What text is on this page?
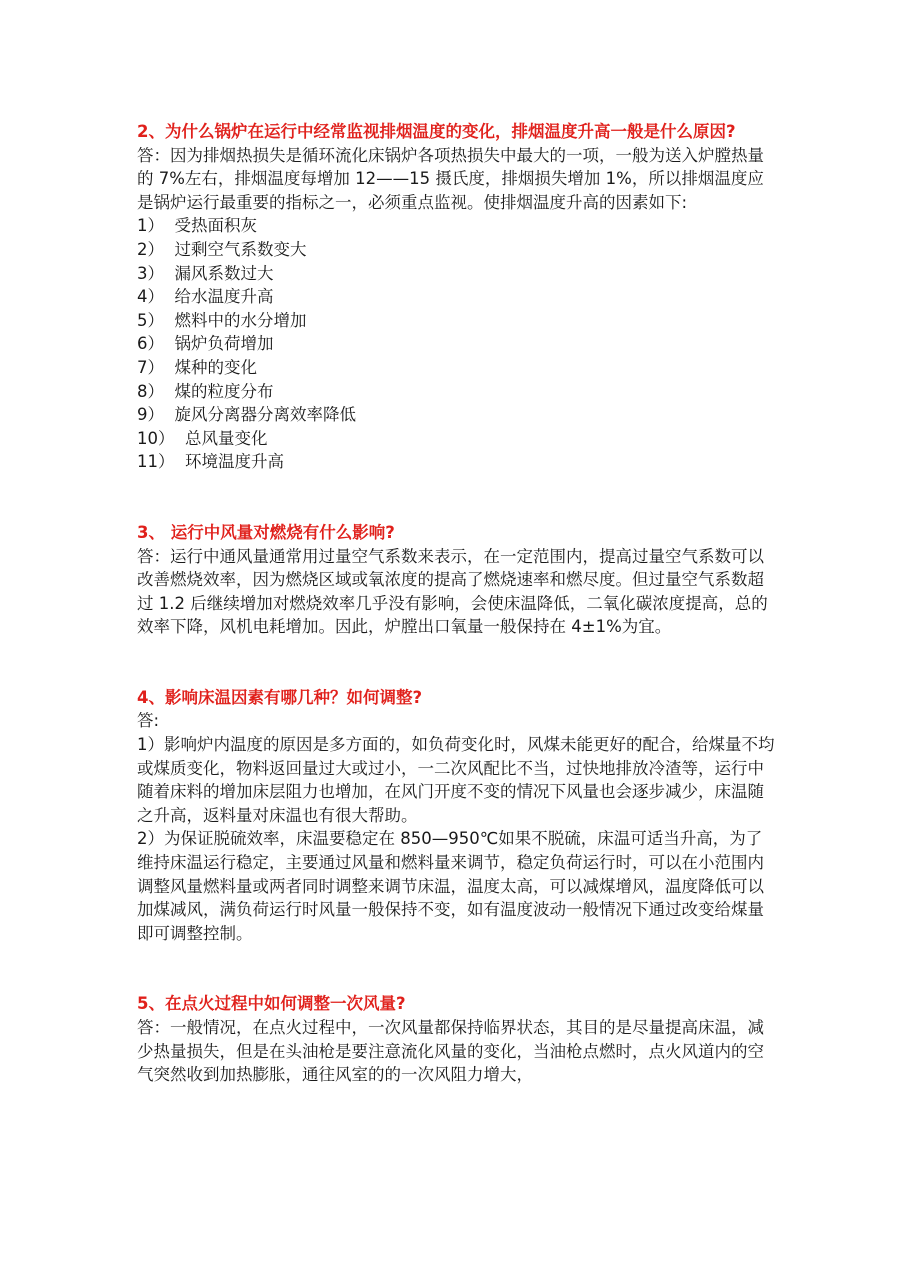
2、为什么锅炉在运行中经常监视排烟温度的变化，排烟温度升高一般是什么原因?

答：因为排烟热损失是循环流化床锅炉各项热损失中最大的一项，一般为送入炉膛热量的 7%左右，排烟温度每增加 12——15 摄氏度，排烟损失增加 1%，所以排烟温度应是锅炉运行最重要的指标之一，必须重点监视。使排烟温度升高的因素如下:

1）  受热面积灰

2）  过剩空气系数变大

3）  漏风系数过大

4）  给水温度升高

5）  燃料中的水分增加

6）  锅炉负荷增加

7）  煤种的变化

8）  煤的粒度分布

9）  旋风分离器分离效率降低

10）  总风量变化

11）  环境温度升高

3、 运行中风量对燃烧有什么影响?

答：运行中通风量通常用过量空气系数来表示，在一定范围内，提高过量空气系数可以改善燃烧效率，因为燃烧区域或氧浓度的提高了燃烧速率和燃尽度。但过量空气系数超过 1.2 后继续增加对燃烧效率几乎没有影响，会使床温降低，二氧化碳浓度提高，总的效率下降，风机电耗增加。因此，炉膛出口氧量一般保持在 4±1%为宜。

4、影响床温因素有哪几种？如何调整?

答:

1）影响炉内温度的原因是多方面的，如负荷变化时，风煤未能更好的配合，给煤量不均或煤质变化，物料返回量过大或过小，一二次风配比不当，过快地排放冷渣等，运行中随着床料的增加床层阻力也增加，在风门开度不变的情况下风量也会逐步减少，床温随之升高，返料量对床温也有很大帮助。

2）为保证脱硫效率，床温要稳定在 850—950℃如果不脱硫，床温可适当升高，为了维持床温运行稳定，主要通过风量和燃料量来调节，稳定负荷运行时，可以在小范围内调整风量燃料量或两者同时调整来调节床温，温度太高，可以减煤增风，温度降低可以加煤减风，满负荷运行时风量一般保持不变，如有温度波动一般情况下通过改变给煤量即可调整控制。

5、在点火过程中如何调整一次风量?

答：一般情况，在点火过程中，一次风量都保持临界状态，其目的是尽量提高床温，减少热量损失，但是在头油枪是要注意流化风量的变化，当油枪点燃时，点火风道内的空气突然收到加热膨胀，通往风室的的一次风阻力增大，
